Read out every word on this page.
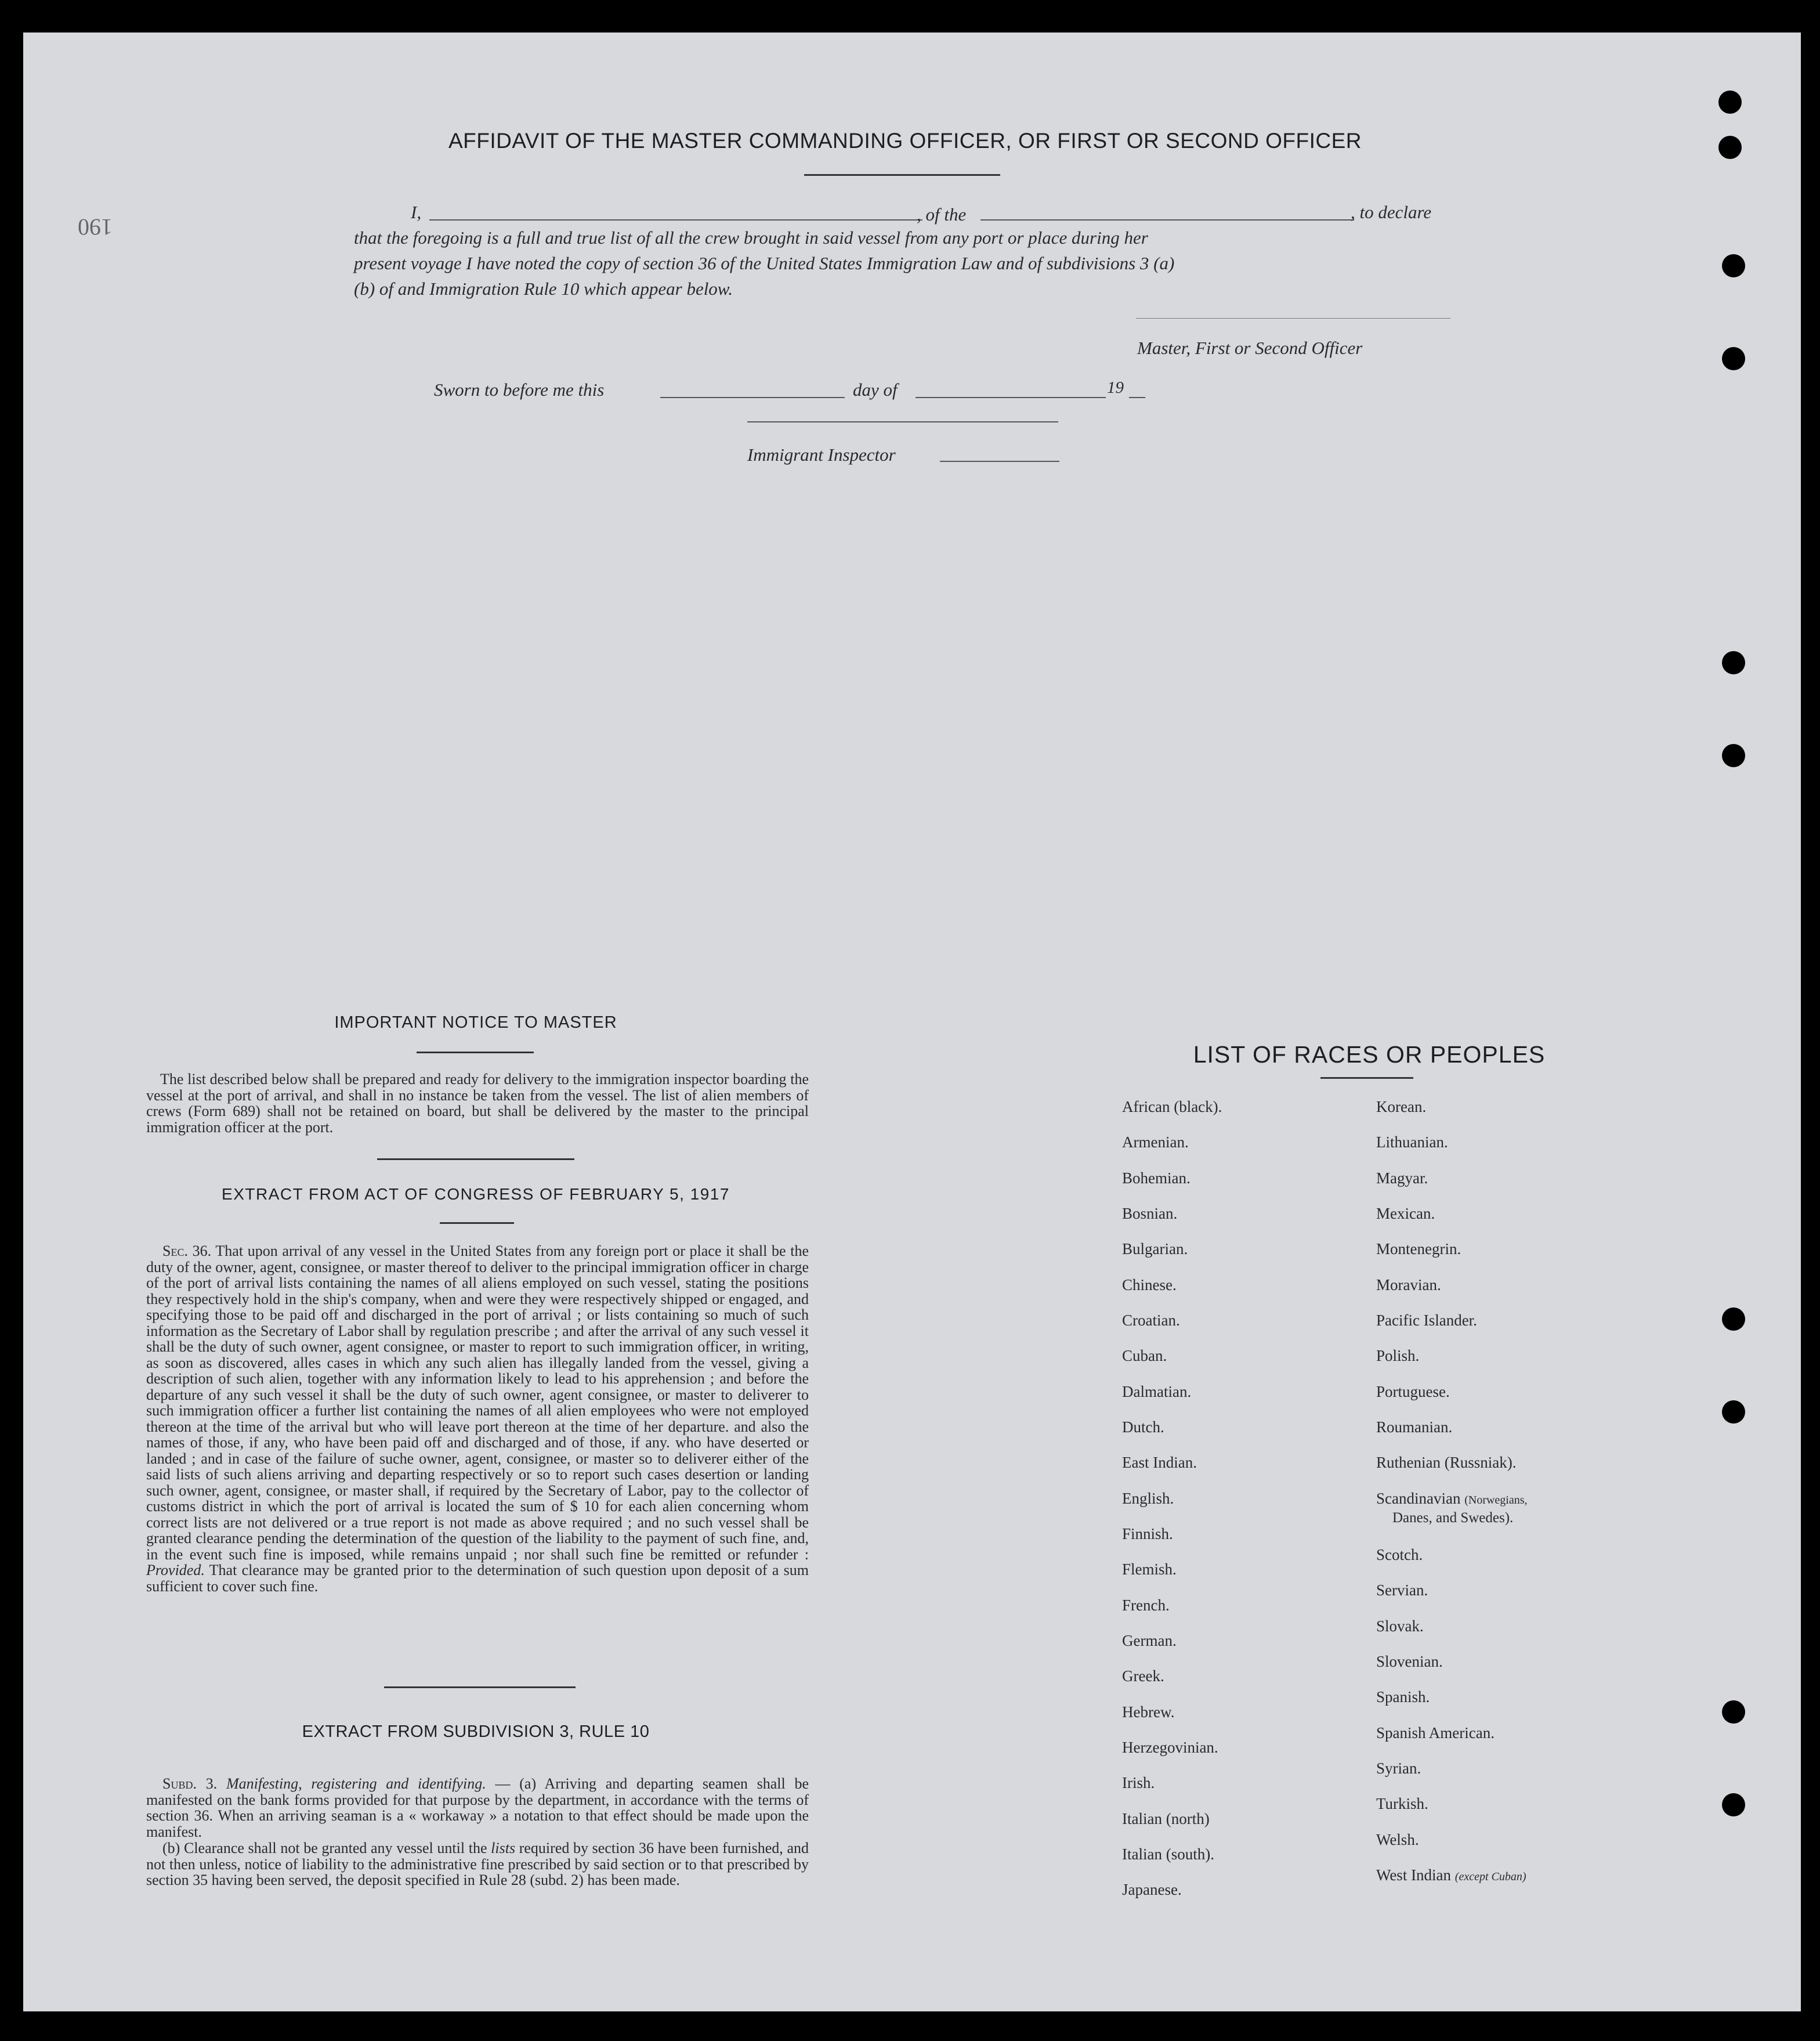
190
AFFIDAVIT OF THE MASTER COMMANDING OFFICER, OR FIRST OR SECOND OFFICER
I,	, of the	, to declare
that the foregoing is a full and true list of all the crew brought in said vessel from any port or place during her
present voyage I have noted the copy of section 36 of the United States Immigration Law and of subdivisions 3 (a)
(b) of and Immigration Rule 10 which appear below.
Master, First or Second Officer
Sworn to before me this	day of	19
Immigrant Inspector
IMPORTANT NOTICE TO MASTER
The list described below shall be prepared and ready for delivery to the immigration inspector boarding the vessel at the port of arrival, and shall in no instance be taken from the vessel. The list of alien members of crews (Form 689) shall not be retained on board, but shall be delivered by the master to the principal immigration officer at the port.
EXTRACT FROM ACT OF CONGRESS OF FEBRUARY 5, 1917
Sec. 36. That upon arrival of any vessel in the United States from any foreign port or place it shall be the duty of the owner, agent, consignee, or master thereof to deliver to the principal immigration officer in charge of the port of arrival lists containing the names of all aliens employed on such vessel, stating the positions they respectively hold in the ship's company, when and were they were respectively shipped or engaged, and specifying those to be paid off and discharged in the port of arrival ; or lists containing so much of such information as the Secretary of Labor shall by regulation prescribe ; and after the arrival of any such vessel it shall be the duty of such owner, agent consignee, or master to report to such immigration officer, in writing, as soon as discovered, alles cases in which any such alien has illegally landed from the vessel, giving a description of such alien, together with any information likely to lead to his apprehension ; and before the departure of any such vessel it shall be the duty of such owner, agent consignee, or master to deliverer to such immigration officer a further list containing the names of all alien employees who were not employed thereon at the time of the arrival but who will leave port thereon at the time of her departure. and also the names of those, if any, who have been paid off and discharged and of those, if any. who have deserted or landed ; and in case of the failure of suche owner, agent, consignee, or master so to deliverer either of the said lists of such aliens arriving and departing respectively or so to report such cases desertion or landing such owner, agent, consignee, or master shall, if required by the Secretary of Labor, pay to the collector of customs district in which the port of arrival is located the sum of $ 10 for each alien concerning whom correct lists are not delivered or a true report is not made as above required ; and no such vessel shall be granted clearance pending the determination of the question of the liability to the payment of such fine, and, in the event such fine is imposed, while remains unpaid ; nor shall such fine be remitted or refunder : Provided. That clearance may be granted prior to the determination of such question upon deposit of a sum sufficient to cover such fine.
EXTRACT FROM SUBDIVISION 3, RULE 10
Subd. 3. Manifesting, registering and identifying. — (a) Arriving and departing seamen shall be manifested on the bank forms provided for that purpose by the department, in accordance with the terms of section 36. When an arriving seaman is a « workaway » a notation to that effect should be made upon the manifest.
(b) Clearance shall not be granted any vessel until the lists required by section 36 have been furnished, and not then unless, notice of liability to the administrative fine prescribed by said section or to that prescribed by section 35 having been served, the deposit specified in Rule 28 (subd. 2) has been made.
LIST OF RACES OR PEOPLES
African (black).
Armenian.
Bohemian.
Bosnian.
Bulgarian.
Chinese.
Croatian.
Cuban.
Dalmatian.
Dutch.
East Indian.
English.
Finnish.
Flemish.
French.
German.
Greek.
Hebrew.
Herzegovinian.
Irish.
Italian (north)
Italian (south).
Japanese.
Korean.
Lithuanian.
Magyar.
Mexican.
Montenegrin.
Moravian.
Pacific Islander.
Polish.
Portuguese.
Roumanian.
Ruthenian (Russniak).
Scandinavian (Norwegians,
Danes, and Swedes).
Scotch.
Servian.
Slovak.
Slovenian.
Spanish.
Spanish American.
Syrian.
Turkish.
Welsh.
West Indian (except Cuban)
